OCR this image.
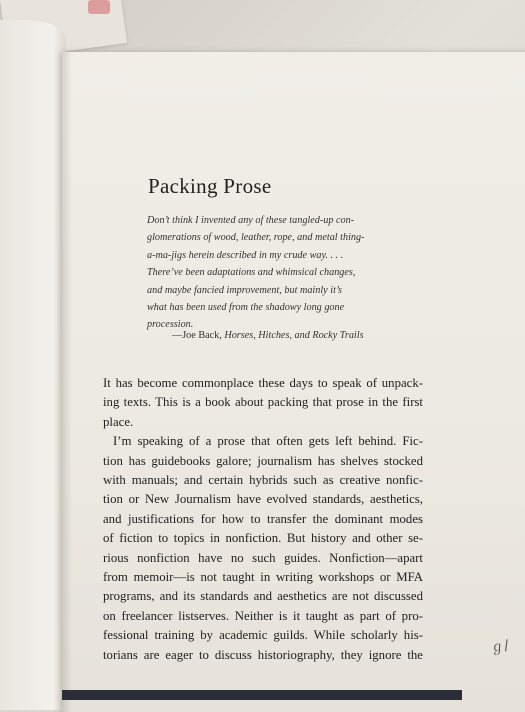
Packing Prose
Don’t think I invented any of these tangled-up con-
glomerations of wood, leather, rope, and metal thing-
a-ma-jigs herein described in my crude way. . . .
There’ve been adaptations and whimsical changes,
and maybe fancied improvement, but mainly it’s
what has been used from the shadowy long gone
procession.
—Joe Back, Horses, Hitches, and Rocky Trails
It has become commonplace these days to speak of unpack-
ing texts. This is a book about packing that prose in the first
place.
I’m speaking of a prose that often gets left behind. Fic-
tion has guidebooks galore; journalism has shelves stocked
with manuals; and certain hybrids such as creative nonfic-
tion or New Journalism have evolved standards, aesthetics,
and justifications for how to transfer the dominant modes
of fiction to topics in nonfiction. But history and other se-
rious nonfiction have no such guides. Nonfiction—apart
from memoir—is not taught in writing workshops or MFA
programs, and its standards and aesthetics are not discussed
on freelancer listserves. Neither is it taught as part of pro-
fessional training by academic guilds. While scholarly his-
torians are eager to discuss historiography, they ignore the	ℊ/
